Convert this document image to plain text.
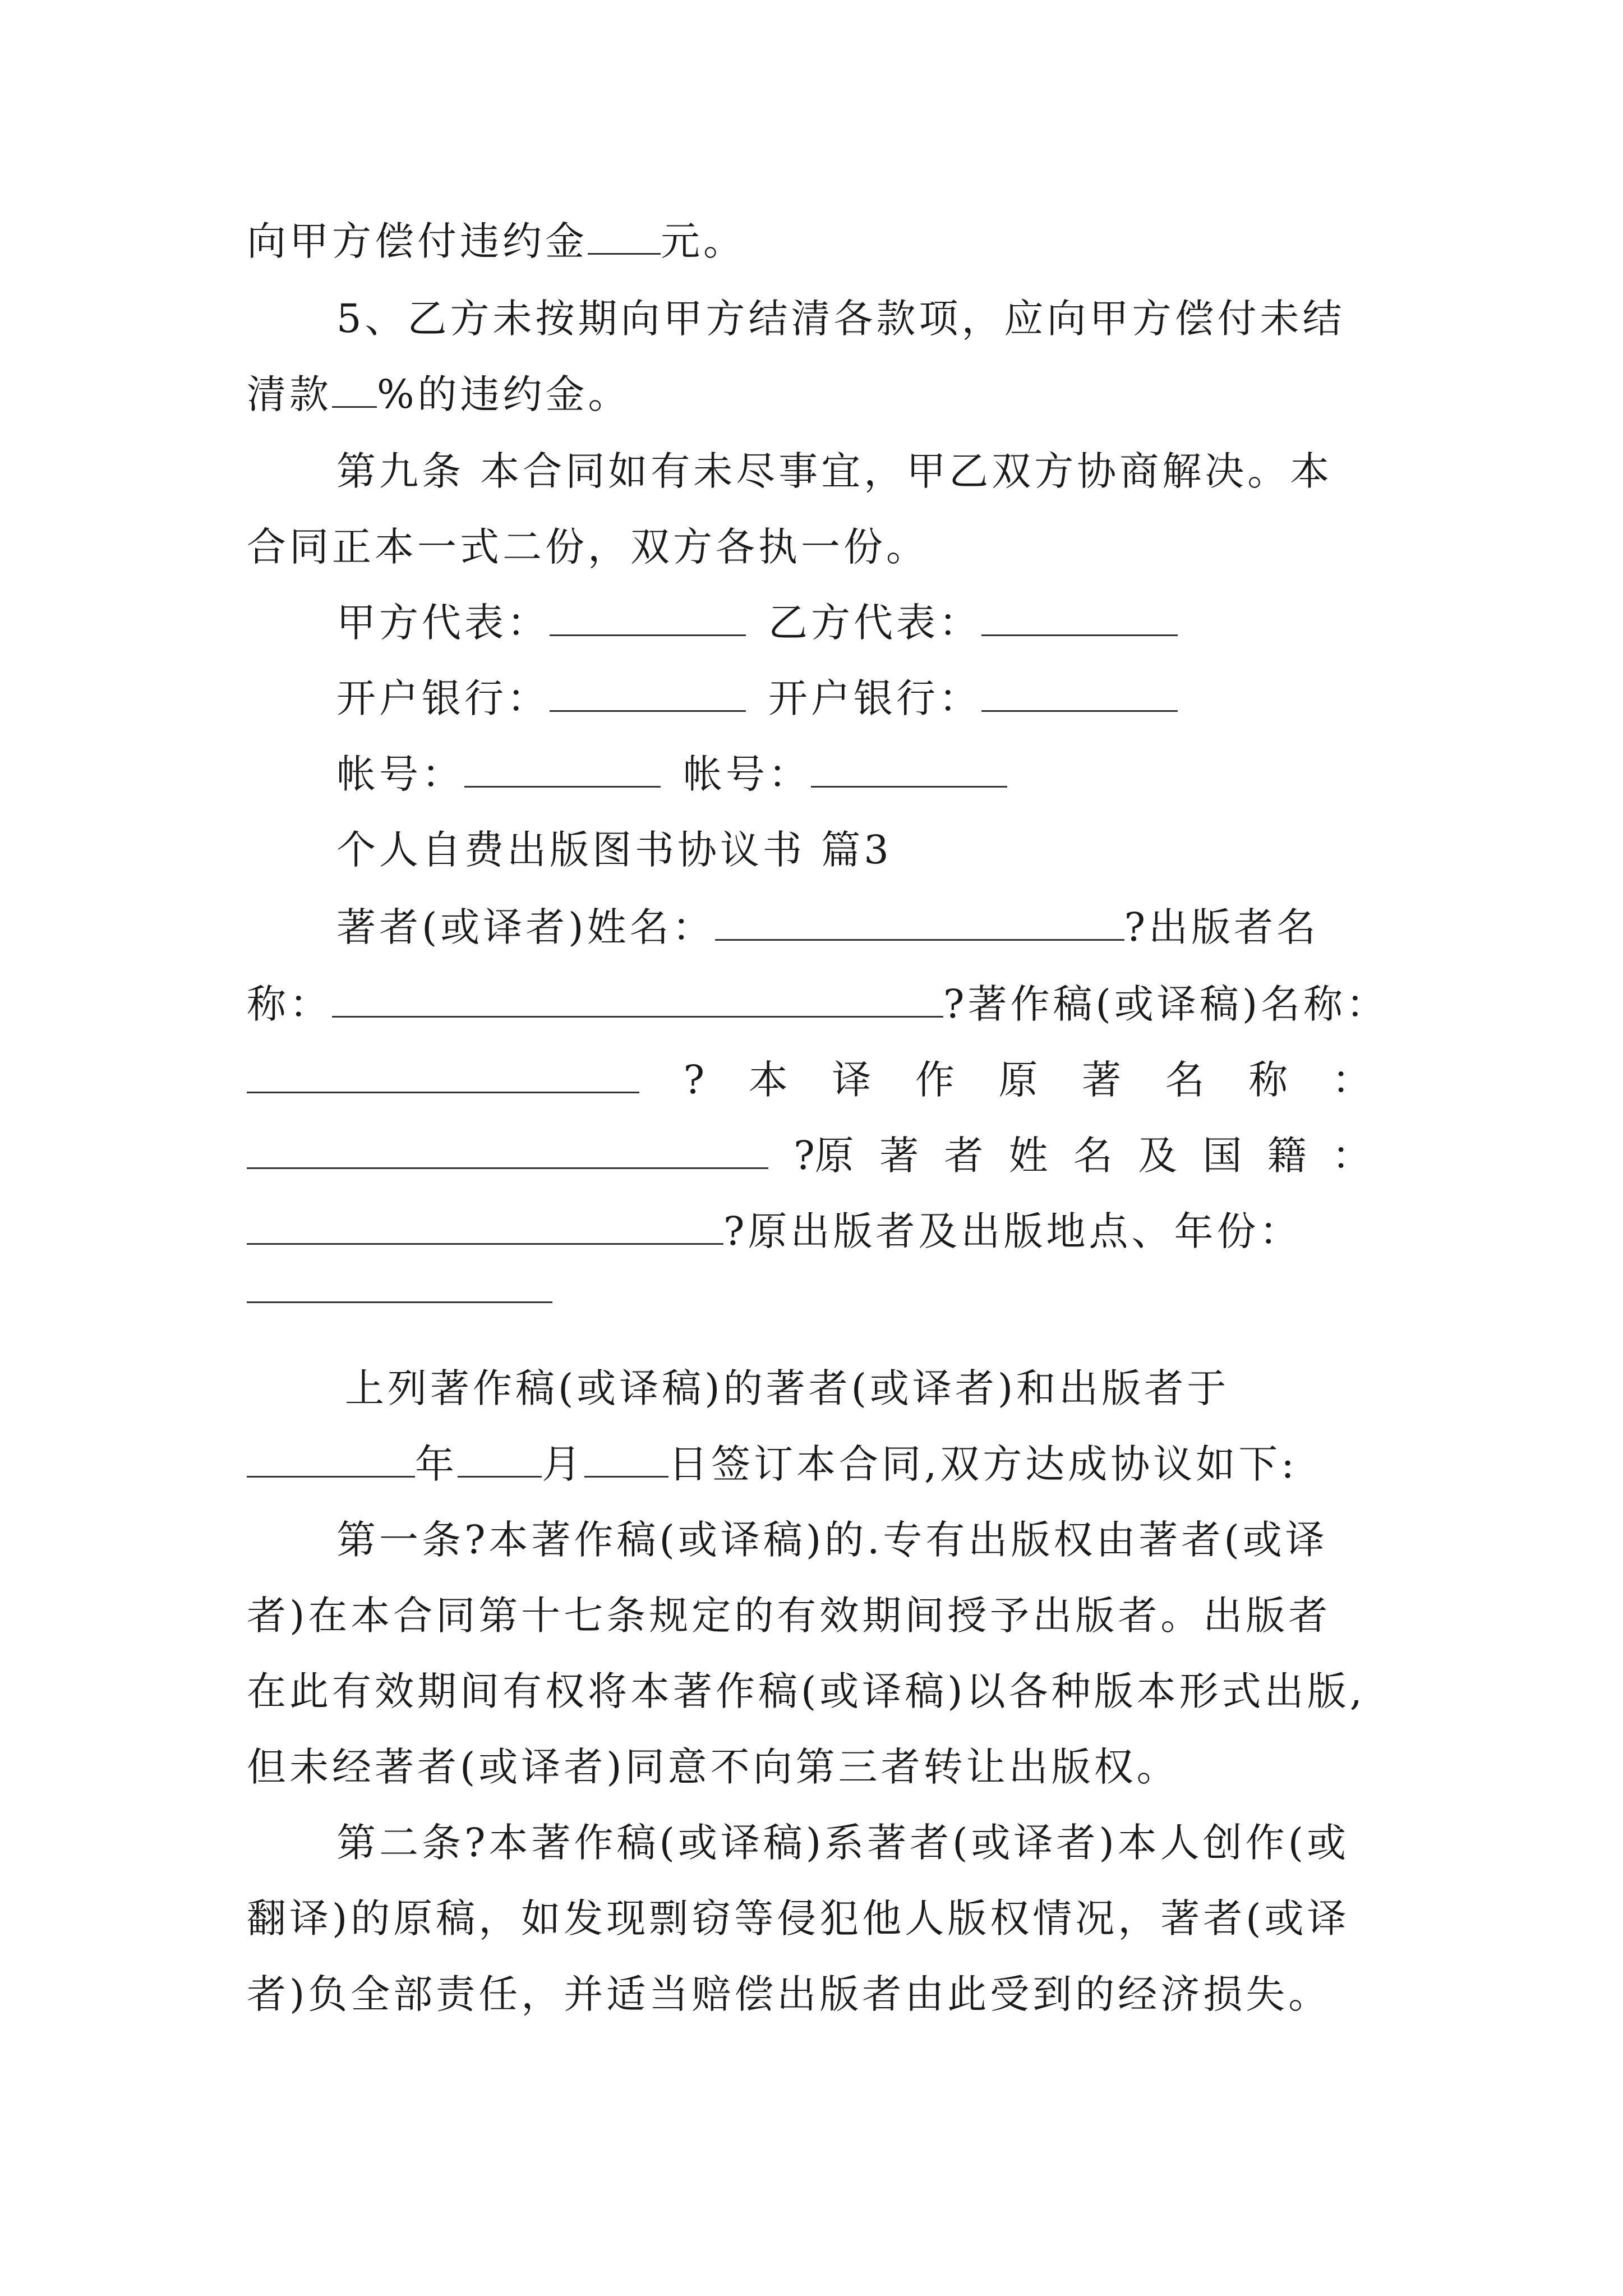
向甲方偿付违约金 元。
5、乙方未按期向甲方结清各款项，应向甲方偿付未结
清款 %的违约金。
第九条 本合同如有未尽事宜，甲乙双方协商解决。本
合同正本一式二份，双方各执一份。
甲方代表：	乙方代表：
开户银行：	开户银行：
帐号：	帐号：
个人自费出版图书协议书 篇3
著者(或译者)姓名：	?出版者名
称：	?著作稿(或译稿)名称：
? 本 译 作 原 著 名 称 ：
?原 著 者 姓 名 及 国 籍 ：
?原出版者及出版地点、年份：
上列著作稿(或译稿)的著者(或译者)和出版者于
年 月 日签订本合同,双方达成协议如下:
第一条?本著作稿(或译稿)的.专有出版权由著者(或译
者)在本合同第十七条规定的有效期间授予出版者。出版者
在此有效期间有权将本著作稿(或译稿)以各种版本形式出版,
但未经著者(或译者)同意不向第三者转让出版权。
第二条?本著作稿(或译稿)系著者(或译者)本人创作(或
翻译)的原稿，如发现剽窃等侵犯他人版权情况，著者(或译
者)负全部责任，并适当赔偿出版者由此受到的经济损失。
